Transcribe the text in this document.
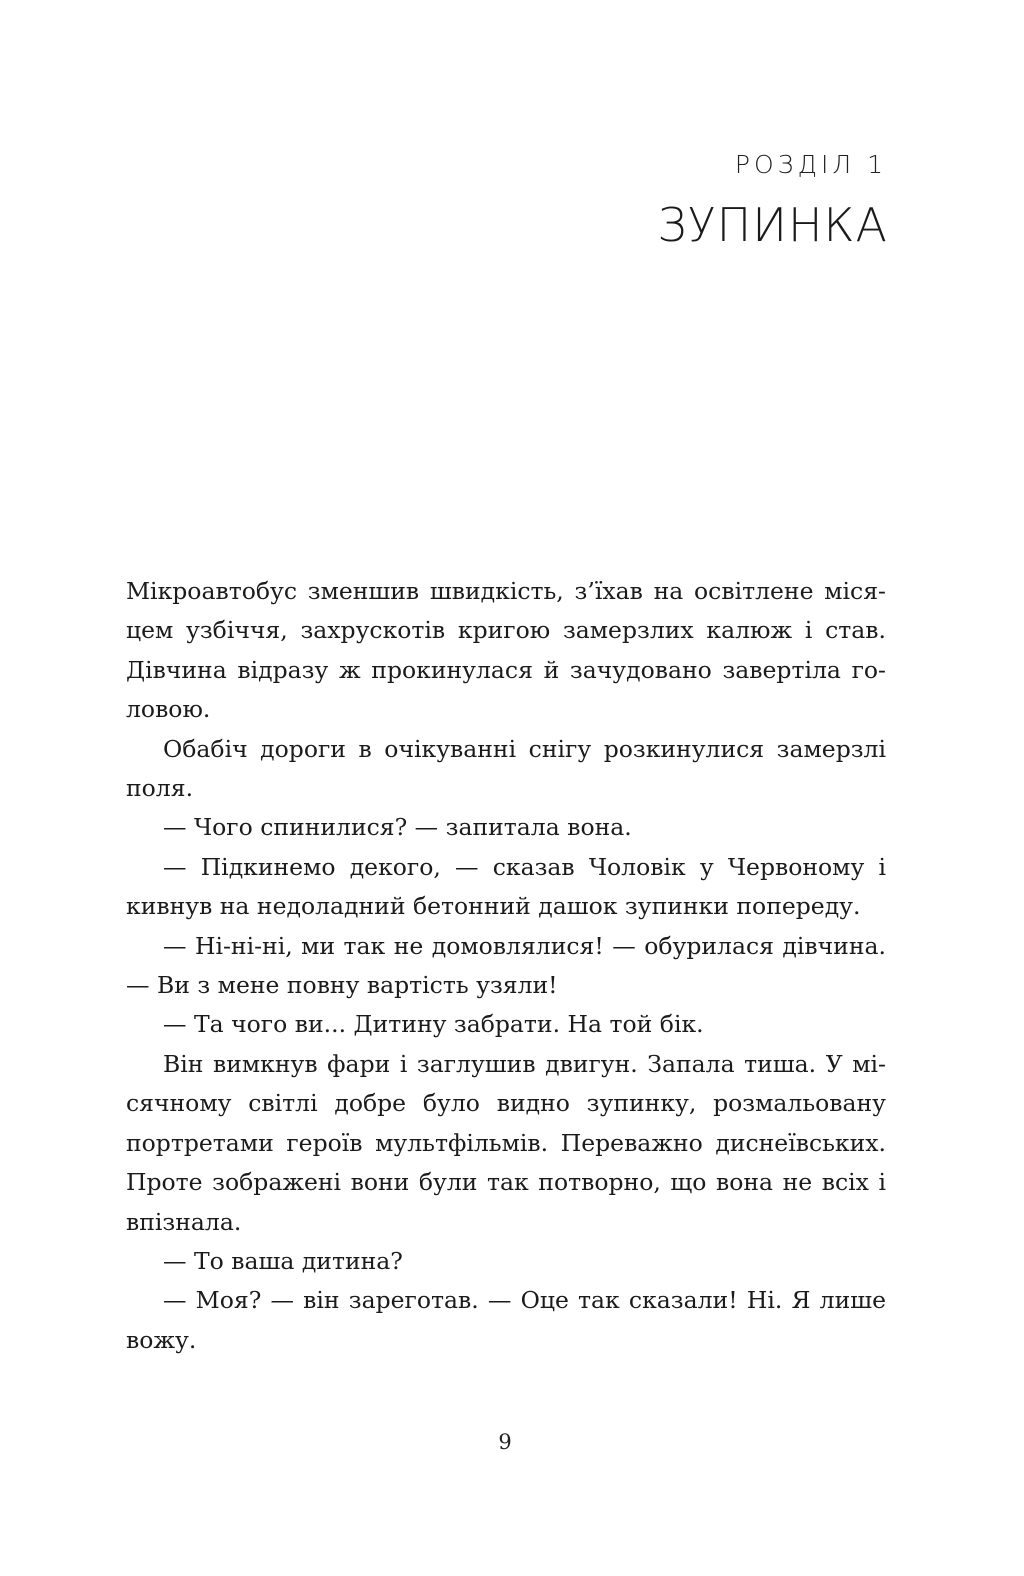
РОЗДІЛ 1
ЗУПИНКА

Мікроавтобус зменшив швидкість, з’їхав на освітлене місяцем узбіччя, захрускотів кригою замерзлих калюж і став. Дівчина відразу ж прокинулася й зачудовано завертіла головою.

Обабіч дороги в очікуванні снігу розкинулися замерзлі поля.

— Чого спинилися? — запитала вона.

— Підкинемо декого, — сказав Чоловік у Червоному і кивнув на недоладний бетонний дашок зупинки попереду.

— Ні-ні-ні, ми так не домовлялися! — обурилася дівчина. — Ви з мене повну вартість узяли!

— Та чого ви... Дитину забрати. На той бік.

Він вимкнув фари і заглушив двигун. Запала тиша. У місячному світлі добре було видно зупинку, розмальовану портретами героїв мультфільмів. Переважно диснеївських. Проте зображені вони були так потворно, що вона не всіх і впізнала.

— То ваша дитина?

— Моя? — він зареготав. — Оце так сказали! Ні. Я лише вожу.

9
